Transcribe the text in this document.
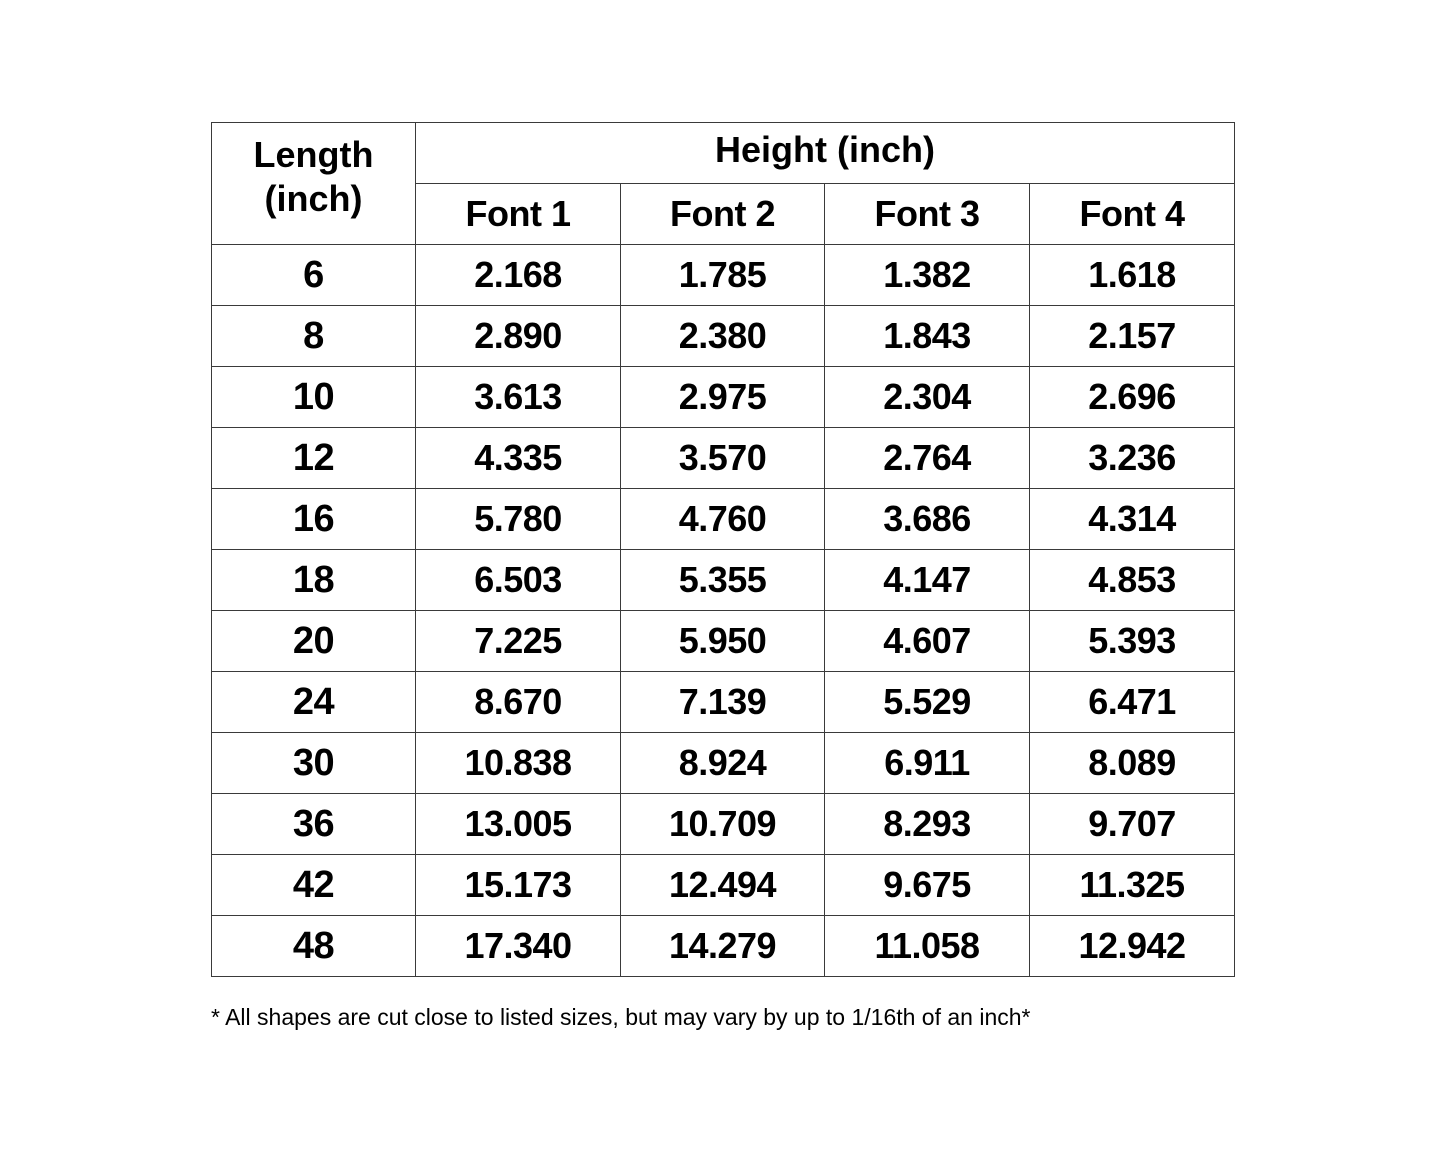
Length
(inch)	Height (inch)			
	Font 1	Font 2	Font 3	Font 4
6	2.168	1.785	1.382	1.618
8	2.890	2.380	1.843	2.157
10	3.613	2.975	2.304	2.696
12	4.335	3.570	2.764	3.236
16	5.780	4.760	3.686	4.314
18	6.503	5.355	4.147	4.853
20	7.225	5.950	4.607	5.393
24	8.670	7.139	5.529	6.471
30	10.838	8.924	6.911	8.089
36	13.005	10.709	8.293	9.707
42	15.173	12.494	9.675	11.325
48	17.340	14.279	11.058	12.942
* All shapes are cut close to listed sizes, but may vary by up to 1/16th of an inch*
